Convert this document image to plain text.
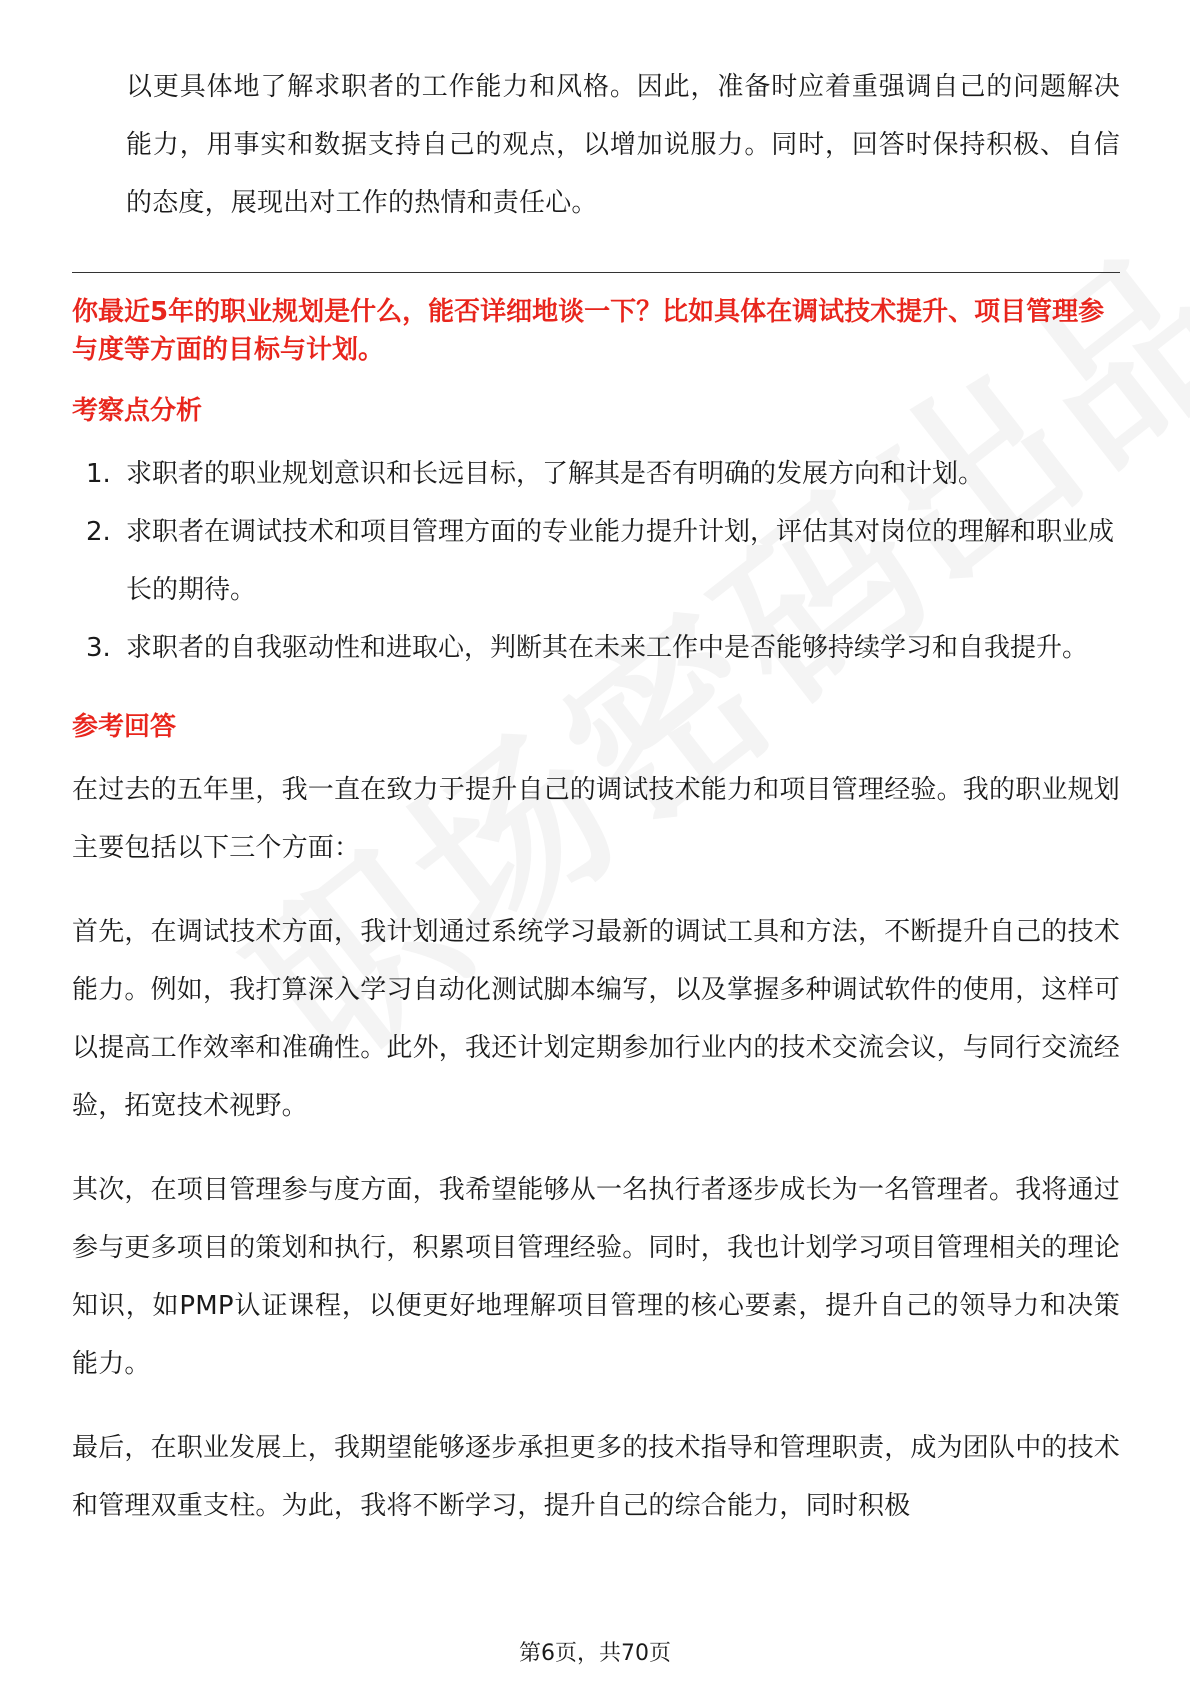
以更具体地了解求职者的工作能力和风格。因此，准备时应着重强调自己的问题解决能力，用事实和数据支持自己的观点，以增加说服力。同时，回答时保持积极、自信的态度，展现出对工作的热情和责任心。

你最近5年的职业规划是什么，能否详细地谈一下？比如具体在调试技术提升、项目管理参与度等方面的目标与计划。

考察点分析
1. 求职者的职业规划意识和长远目标，了解其是否有明确的发展方向和计划。
2. 求职者在调试技术和项目管理方面的专业能力提升计划，评估其对岗位的理解和职业成长的期待。
3. 求职者的自我驱动性和进取心，判断其在未来工作中是否能够持续学习和自我提升。
参考回答

在过去的五年里，我一直在致力于提升自己的调试技术能力和项目管理经验。我的职业规划主要包括以下三个方面：

首先，在调试技术方面，我计划通过系统学习最新的调试工具和方法，不断提升自己的技术能力。例如，我打算深入学习自动化测试脚本编写，以及掌握多种调试软件的使用，这样可以提高工作效率和准确性。此外，我还计划定期参加行业内的技术交流会议，与同行交流经验，拓宽技术视野。

其次，在项目管理参与度方面，我希望能够从一名执行者逐步成长为一名管理者。我将通过参与更多项目的策划和执行，积累项目管理经验。同时，我也计划学习项目管理相关的理论知识，如PMP认证课程，以便更好地理解项目管理的核心要素，提升自己的领导力和决策能力。

最后，在职业发展上，我期望能够逐步承担更多的技术指导和管理职责，成为团队中的技术和管理双重支柱。为此，我将不断学习，提升自己的综合能力，同时积极

第6页，共70页
